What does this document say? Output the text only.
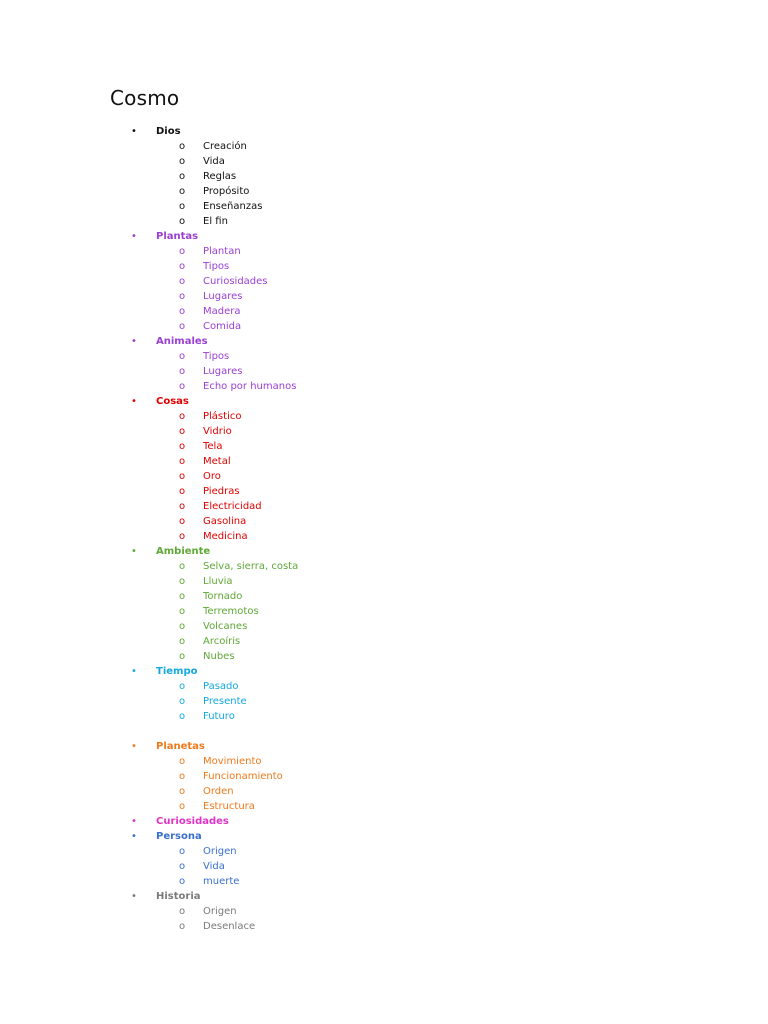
Cosmo
•	Dios
o Creación
o Vida
o Reglas
o Propósito
o Enseñanzas
o El fin
•	Plantas
o Plantan
o Tipos
o Curiosidades
o Lugares
o Madera
o Comida
•	Animales
o Tipos
o Lugares
o Echo por humanos
•	Cosas
o Plástico
o Vidrio
o Tela
o Metal
o Oro
o Piedras
o Electricidad
o Gasolina
o Medicina
•	Ambiente
o Selva, sierra, costa
o Lluvia
o Tornado
o Terremotos
o Volcanes
o Arcoíris
o Nubes
•	Tiempo
o Pasado
o Presente
o Futuro
•	Planetas
o Movimiento
o Funcionamiento
o Orden
o Estructura
•	Curiosidades
•	Persona
o Origen
o Vida
o muerte
•	Historia
o Origen
o Desenlace
